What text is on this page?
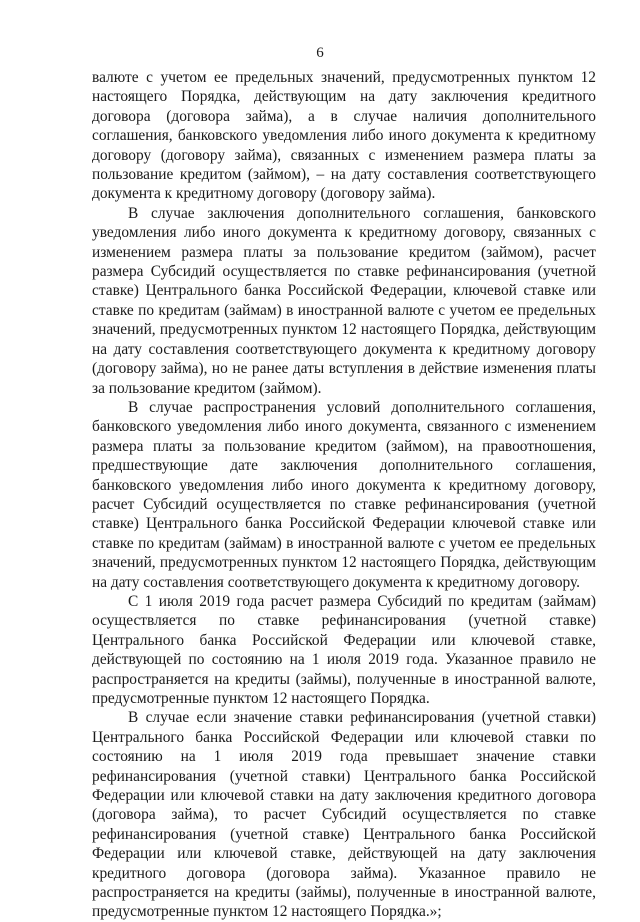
6

валюте с учетом ее предельных значений, предусмотренных пунктом 12 настоящего Порядка, действующим на дату заключения кредитного договора (договора займа), а в случае наличия дополнительного соглашения, банковского уведомления либо иного документа к кредитному договору (договору займа), связанных с изменением размера платы за пользование кредитом (займом), – на дату составления соответствующего документа к кредитному договору (договору займа).

В случае заключения дополнительного соглашения, банковского уведомления либо иного документа к кредитному договору, связанных с изменением размера платы за пользование кредитом (займом), расчет размера Субсидий осуществляется по ставке рефинансирования (учетной ставке) Центрального банка Российской Федерации, ключевой ставке или ставке по кредитам (займам) в иностранной валюте с учетом ее предельных значений, предусмотренных пунктом 12 настоящего Порядка, действующим на дату составления соответствующего документа к кредитному договору (договору займа), но не ранее даты вступления в действие изменения платы за пользование кредитом (займом).

В случае распространения условий дополнительного соглашения, банковского уведомления либо иного документа, связанного с изменением размера платы за пользование кредитом (займом), на правоотношения, предшествующие дате заключения дополнительного соглашения, банковского уведомления либо иного документа к кредитному договору, расчет Субсидий осуществляется по ставке рефинансирования (учетной ставке) Центрального банка Российской Федерации ключевой ставке или ставке по кредитам (займам) в иностранной валюте с учетом ее предельных значений, предусмотренных пунктом 12 настоящего Порядка, действующим на дату составления соответствующего документа к кредитному договору.

С 1 июля 2019 года расчет размера Субсидий по кредитам (займам) осуществляется по ставке рефинансирования (учетной ставке) Центрального банка Российской Федерации или ключевой ставке, действующей по состоянию на 1 июля 2019 года. Указанное правило не распространяется на кредиты (займы), полученные в иностранной валюте, предусмотренные пунктом 12 настоящего Порядка.

В случае если значение ставки рефинансирования (учетной ставки) Центрального банка Российской Федерации или ключевой ставки по состоянию на 1 июля 2019 года превышает значение ставки рефинансирования (учетной ставки) Центрального банка Российской Федерации или ключевой ставки на дату заключения кредитного договора (договора займа), то расчет Субсидий осуществляется по ставке рефинансирования (учетной ставке) Центрального банка Российской Федерации или ключевой ставке, действующей на дату заключения кредитного договора (договора займа). Указанное правило не распространяется на кредиты (займы), полученные в иностранной валюте, предусмотренные пунктом 12 настоящего Порядка.»;
